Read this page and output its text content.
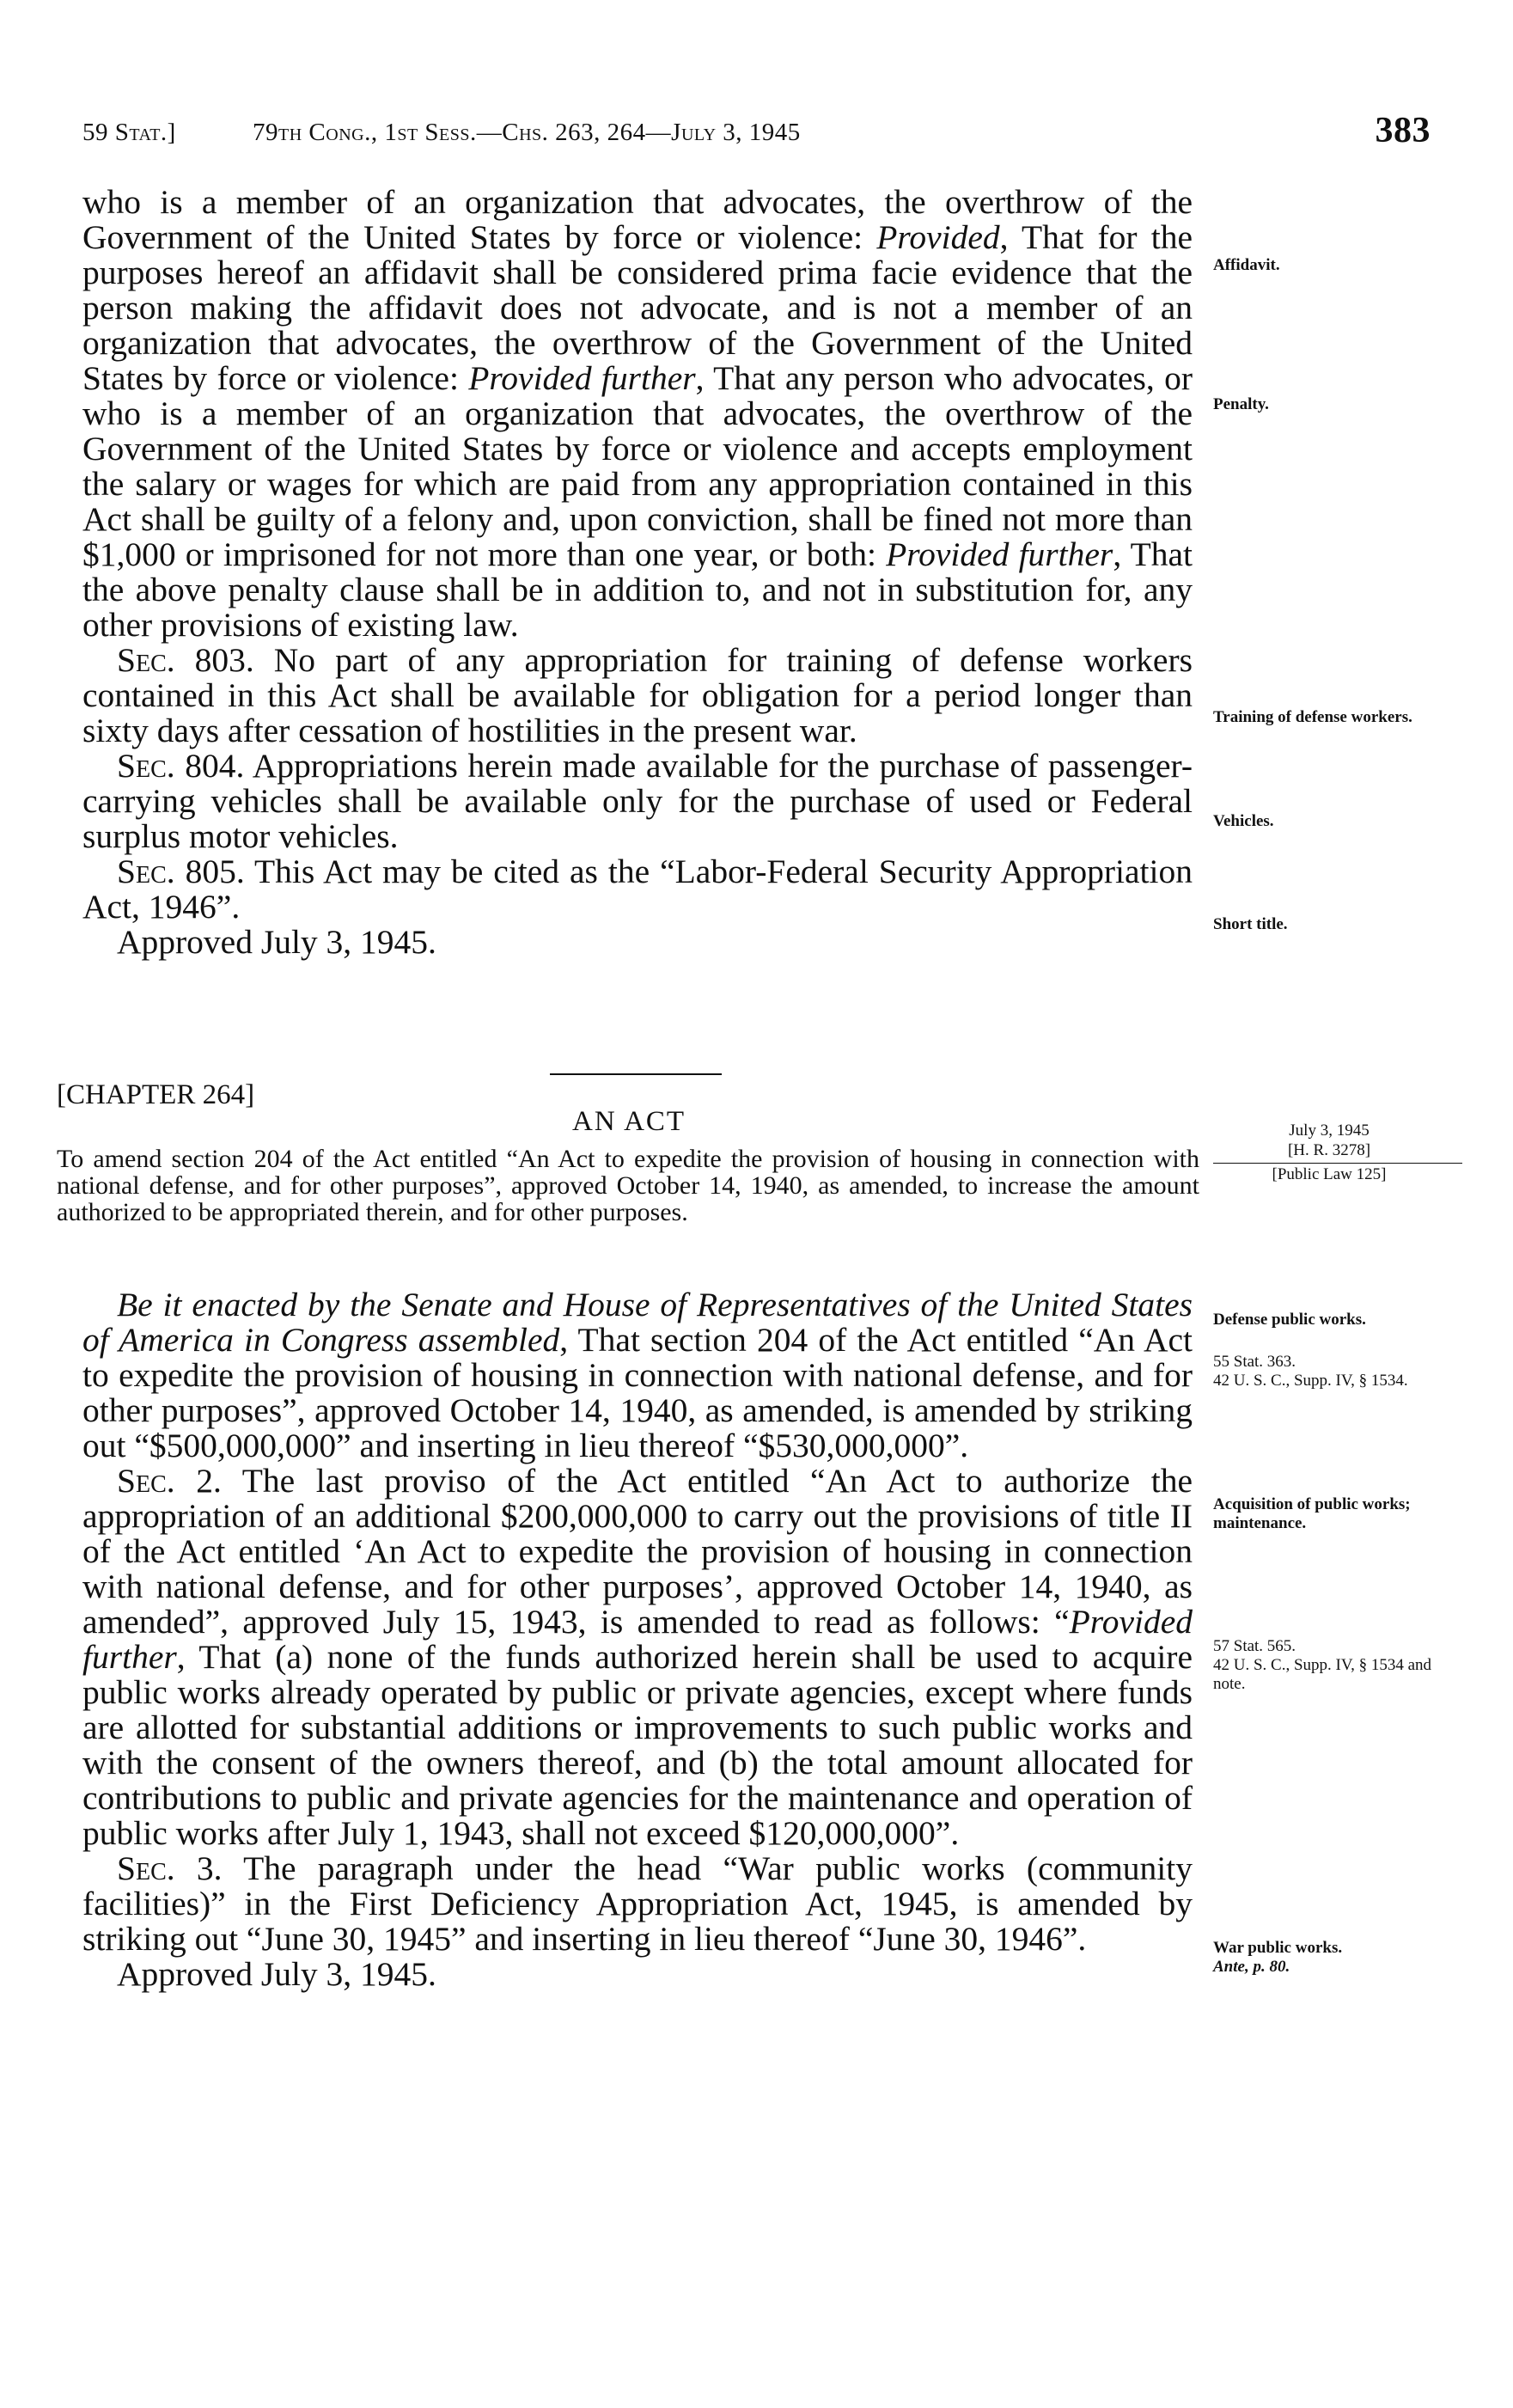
59 Stat.]	79th Cong., 1st Sess.—Chs. 263, 264—July 3, 1945	383

who is a member of an organization that advocates, the overthrow of the Government of the United States by force or violence: Provided, That for the purposes hereof an affidavit shall be considered prima facie evidence that the person making the affidavit does not advocate, and is not a member of an organization that advocates, the overthrow of the Government of the United States by force or violence: Provided further, That any person who advocates, or who is a member of an organization that advocates, the overthrow of the Government of the United States by force or violence and accepts employment the salary or wages for which are paid from any appropriation contained in this Act shall be guilty of a felony and, upon conviction, shall be fined not more than $1,000 or imprisoned for not more than one year, or both: Provided further, That the above penalty clause shall be in addition to, and not in substitution for, any other provisions of existing law.

Sec. 803. No part of any appropriation for training of defense workers contained in this Act shall be available for obligation for a period longer than sixty days after cessation of hostilities in the present war.

Sec. 804. Appropriations herein made available for the purchase of passenger-carrying vehicles shall be available only for the purchase of used or Federal surplus motor vehicles.

Sec. 805. This Act may be cited as the “Labor-Federal Security Appropriation Act, 1946”.

Approved July 3, 1945.

Affidavit.
Penalty.
Training of defense workers.
Vehicles.
Short title.
[CHAPTER 264]
AN ACT	July 3, 1945
[H. R. 3278]
[Public Law 125]
To amend section 204 of the Act entitled “An Act to expedite the provision of housing in connection with national defense, and for other purposes”, approved October 14, 1940, as amended, to increase the amount authorized to be appropriated therein, and for other purposes.

Be it enacted by the Senate and House of Representatives of the United States of America in Congress assembled, That section 204 of the Act entitled “An Act to expedite the provision of housing in connection with national defense, and for other purposes”, approved October 14, 1940, as amended, is amended by striking out “$500,000,000” and inserting in lieu thereof “$530,000,000”.

Sec. 2. The last proviso of the Act entitled “An Act to authorize the appropriation of an additional $200,000,000 to carry out the provisions of title II of the Act entitled ‘An Act to expedite the provision of housing in connection with national defense, and for other purposes’, approved October 14, 1940, as amended”, approved July 15, 1943, is amended to read as follows: “Provided further, That (a) none of the funds authorized herein shall be used to acquire public works already operated by public or private agencies, except where funds are allotted for substantial additions or improvements to such public works and with the consent of the owners thereof, and (b) the total amount allocated for contributions to public and private agencies for the maintenance and operation of public works after July 1, 1943, shall not exceed $120,000,000”.

Sec. 3. The paragraph under the head “War public works (community facilities)” in the First Deficiency Appropriation Act, 1945, is amended by striking out “June 30, 1945” and inserting in lieu thereof “June 30, 1946”.

Approved July 3, 1945.

Defense public works.
55 Stat. 363.
42 U. S. C., Supp. IV, § 1534.
Acquisition of public works; maintenance.
57 Stat. 565.
42 U. S. C., Supp. IV, § 1534 and note.
War public works.
Ante, p. 80.
